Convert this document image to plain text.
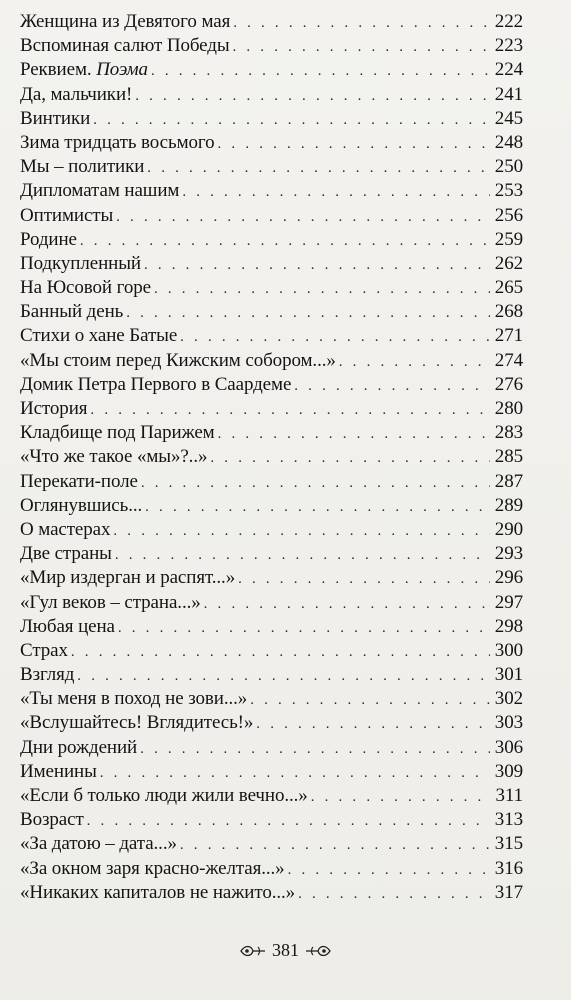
Женщина из Девятого мая . . .	222
Вспоминая салют Победы . . .	223
Реквием. Поэма . . .	224
Да, мальчики! . . .	241
Винтики . . .	245
Зима тридцать восьмого . . .	248
Мы – политики . . .	250
Дипломатам нашим . . .	253
Оптимисты . . .	256
Родине . . .	259
Подкупленный . . .	262
На Юсовой горе . . .	265
Банный день . . .	268
Стихи о хане Батые . . .	271
«Мы стоим перед Кижским собором...» . . .	274
Домик Петра Первого в Саардеме . . .	276
История . . .	280
Кладбище под Парижем . . .	283
«Что же такое «мы»?..» . . .	285
Перекати-поле . . .	287
Оглянувшись... . . .	289
О мастерах . . .	290
Две страны . . .	293
«Мир издерган и распят...» . . .	296
«Гул веков – страна...» . . .	297
Любая цена . . .	298
Страх . . .	300
Взгляд . . .	301
«Ты меня в поход не зови...» . . .	302
«Вслушайтесь! Вглядитесь!» . . .	303
Дни рождений . . .	306
Именины . . .	309
«Если б только люди жили вечно...» . . .	311
Возраст . . .	313
«За датою – дата...» . . .	315
«За окном заря красно-желтая...» . . .	316
«Никаких капиталов не нажито...» . . .	317
381
